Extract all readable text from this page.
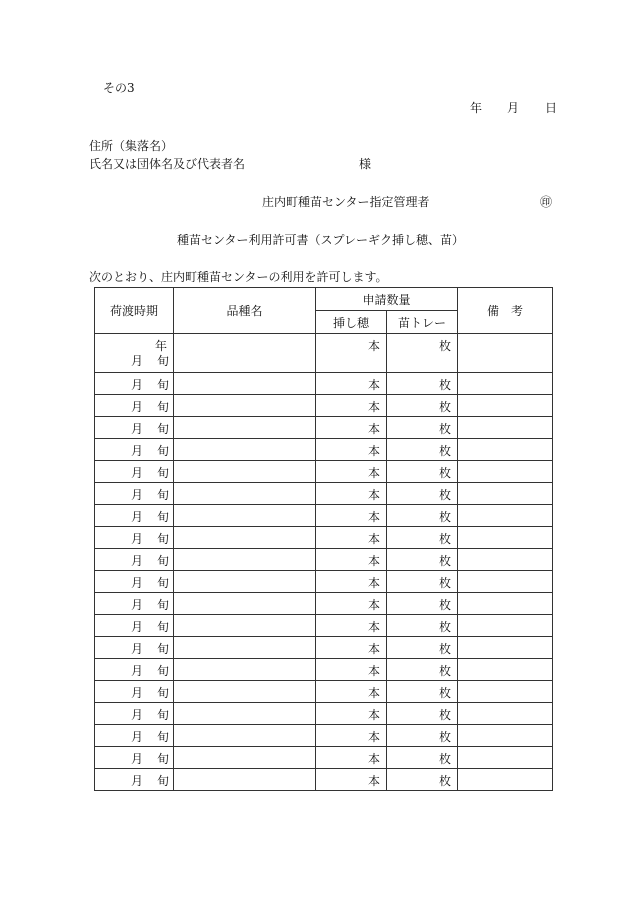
その3
年 月 日
住所（集落名）
氏名又は団体名及び代表者名	様
庄内町種苗センター指定管理者	㊞
種苗センター利用許可書（スプレーギク挿し穂、苗）
次のとおり、庄内町種苗センターの利用を許可します。
荷渡時期	品種名	申請数量		備　考
		挿し穂	苗トレー	

年
月 旬		本	枚	

月 旬		本	枚	

月 旬		本	枚	

月 旬		本	枚	

月 旬		本	枚	

月 旬		本	枚	

月 旬		本	枚	

月 旬		本	枚	

月 旬		本	枚	

月 旬		本	枚	

月 旬		本	枚	

月 旬		本	枚	

月 旬		本	枚	

月 旬		本	枚	

月 旬		本	枚	

月 旬		本	枚	

月 旬		本	枚	

月 旬		本	枚	

月 旬		本	枚	

月 旬		本	枚	
